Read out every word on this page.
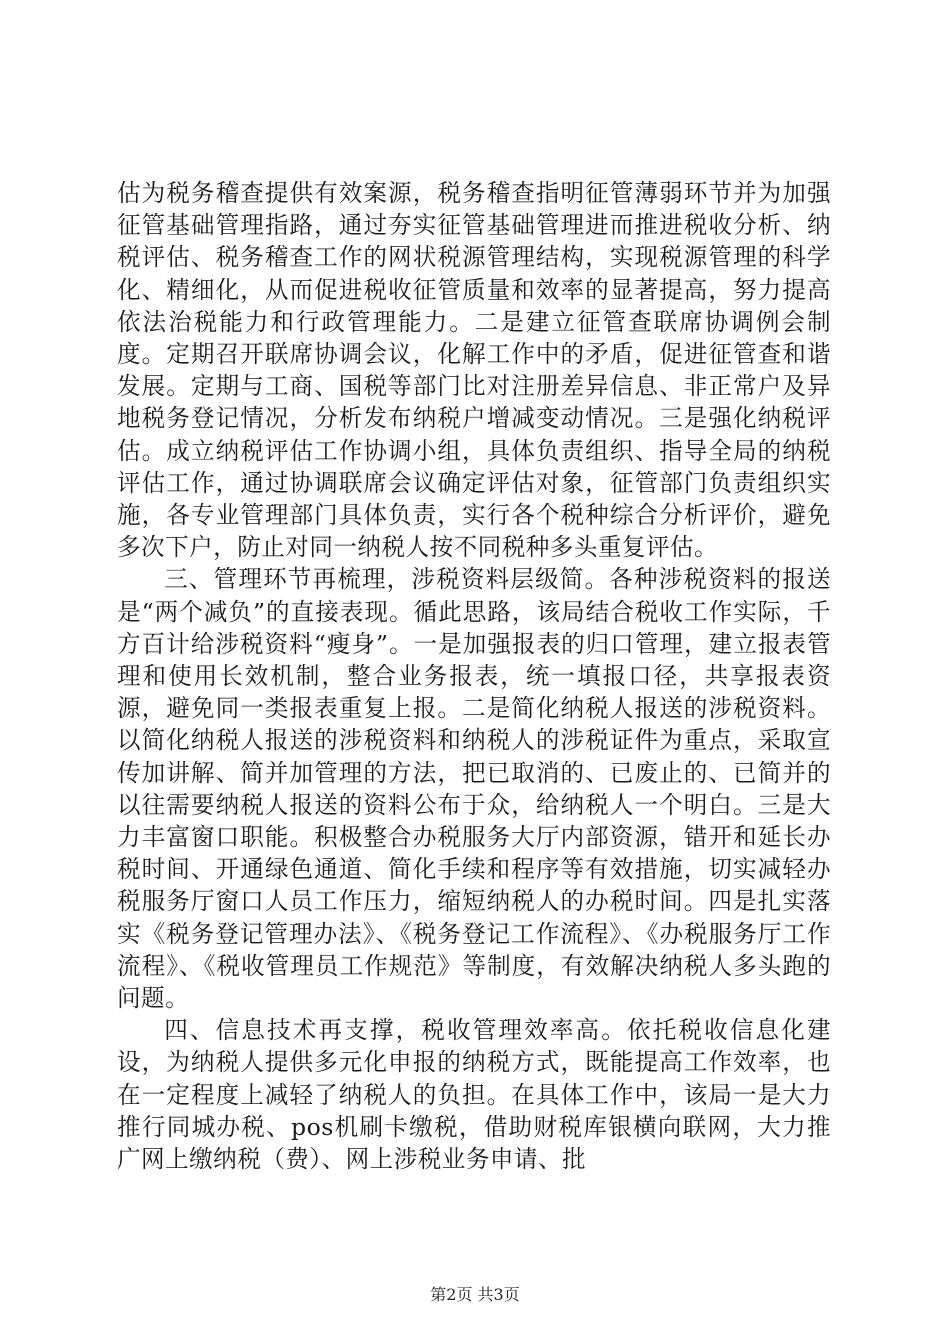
估为税务稽查提供有效案源，税务稽查指明征管薄弱环节并为加强征管基础管理指路，通过夯实征管基础管理进而推进税收分析、纳税评估、税务稽查工作的网状税源管理结构，实现税源管理的科学化、精细化，从而促进税收征管质量和效率的显著提高，努力提高依法治税能力和行政管理能力。二是建立征管查联席协调例会制度。定期召开联席协调会议，化解工作中的矛盾，促进征管查和谐发展。定期与工商、国税等部门比对注册差异信息、非正常户及异地税务登记情况，分析发布纳税户增减变动情况。三是强化纳税评估。成立纳税评估工作协调小组，具体负责组织、指导全局的纳税评估工作，通过协调联席会议确定评估对象，征管部门负责组织实施，各专业管理部门具体负责，实行各个税种综合分析评价，避免多次下户，防止对同一纳税人按不同税种多头重复评估。

三、管理环节再梳理，涉税资料层级简。各种涉税资料的报送是“两个减负”的直接表现。循此思路，该局结合税收工作实际，千方百计给涉税资料“瘦身”。一是加强报表的归口管理，建立报表管理和使用长效机制，整合业务报表，统一填报口径，共享报表资源，避免同一类报表重复上报。二是简化纳税人报送的涉税资料。以简化纳税人报送的涉税资料和纳税人的涉税证件为重点，采取宣传加讲解、简并加管理的方法，把已取消的、已废止的、已简并的以往需要纳税人报送的资料公布于众，给纳税人一个明白。三是大力丰富窗口职能。积极整合办税服务大厅内部资源，错开和延长办税时间、开通绿色通道、简化手续和程序等有效措施，切实减轻办税服务厅窗口人员工作压力，缩短纳税人的办税时间。四是扎实落实《税务登记管理办法》、《税务登记工作流程》、《办税服务厅工作流程》、《税收管理员工作规范》等制度，有效解决纳税人多头跑的问题。

四、信息技术再支撑，税收管理效率高。依托税收信息化建设，为纳税人提供多元化申报的纳税方式，既能提高工作效率，也在一定程度上减轻了纳税人的负担。在具体工作中，该局一是大力推行同城办税、pos机刷卡缴税，借助财税库银横向联网，大力推广网上缴纳税（费）、网上涉税业务申请、批

第2页 共3页
